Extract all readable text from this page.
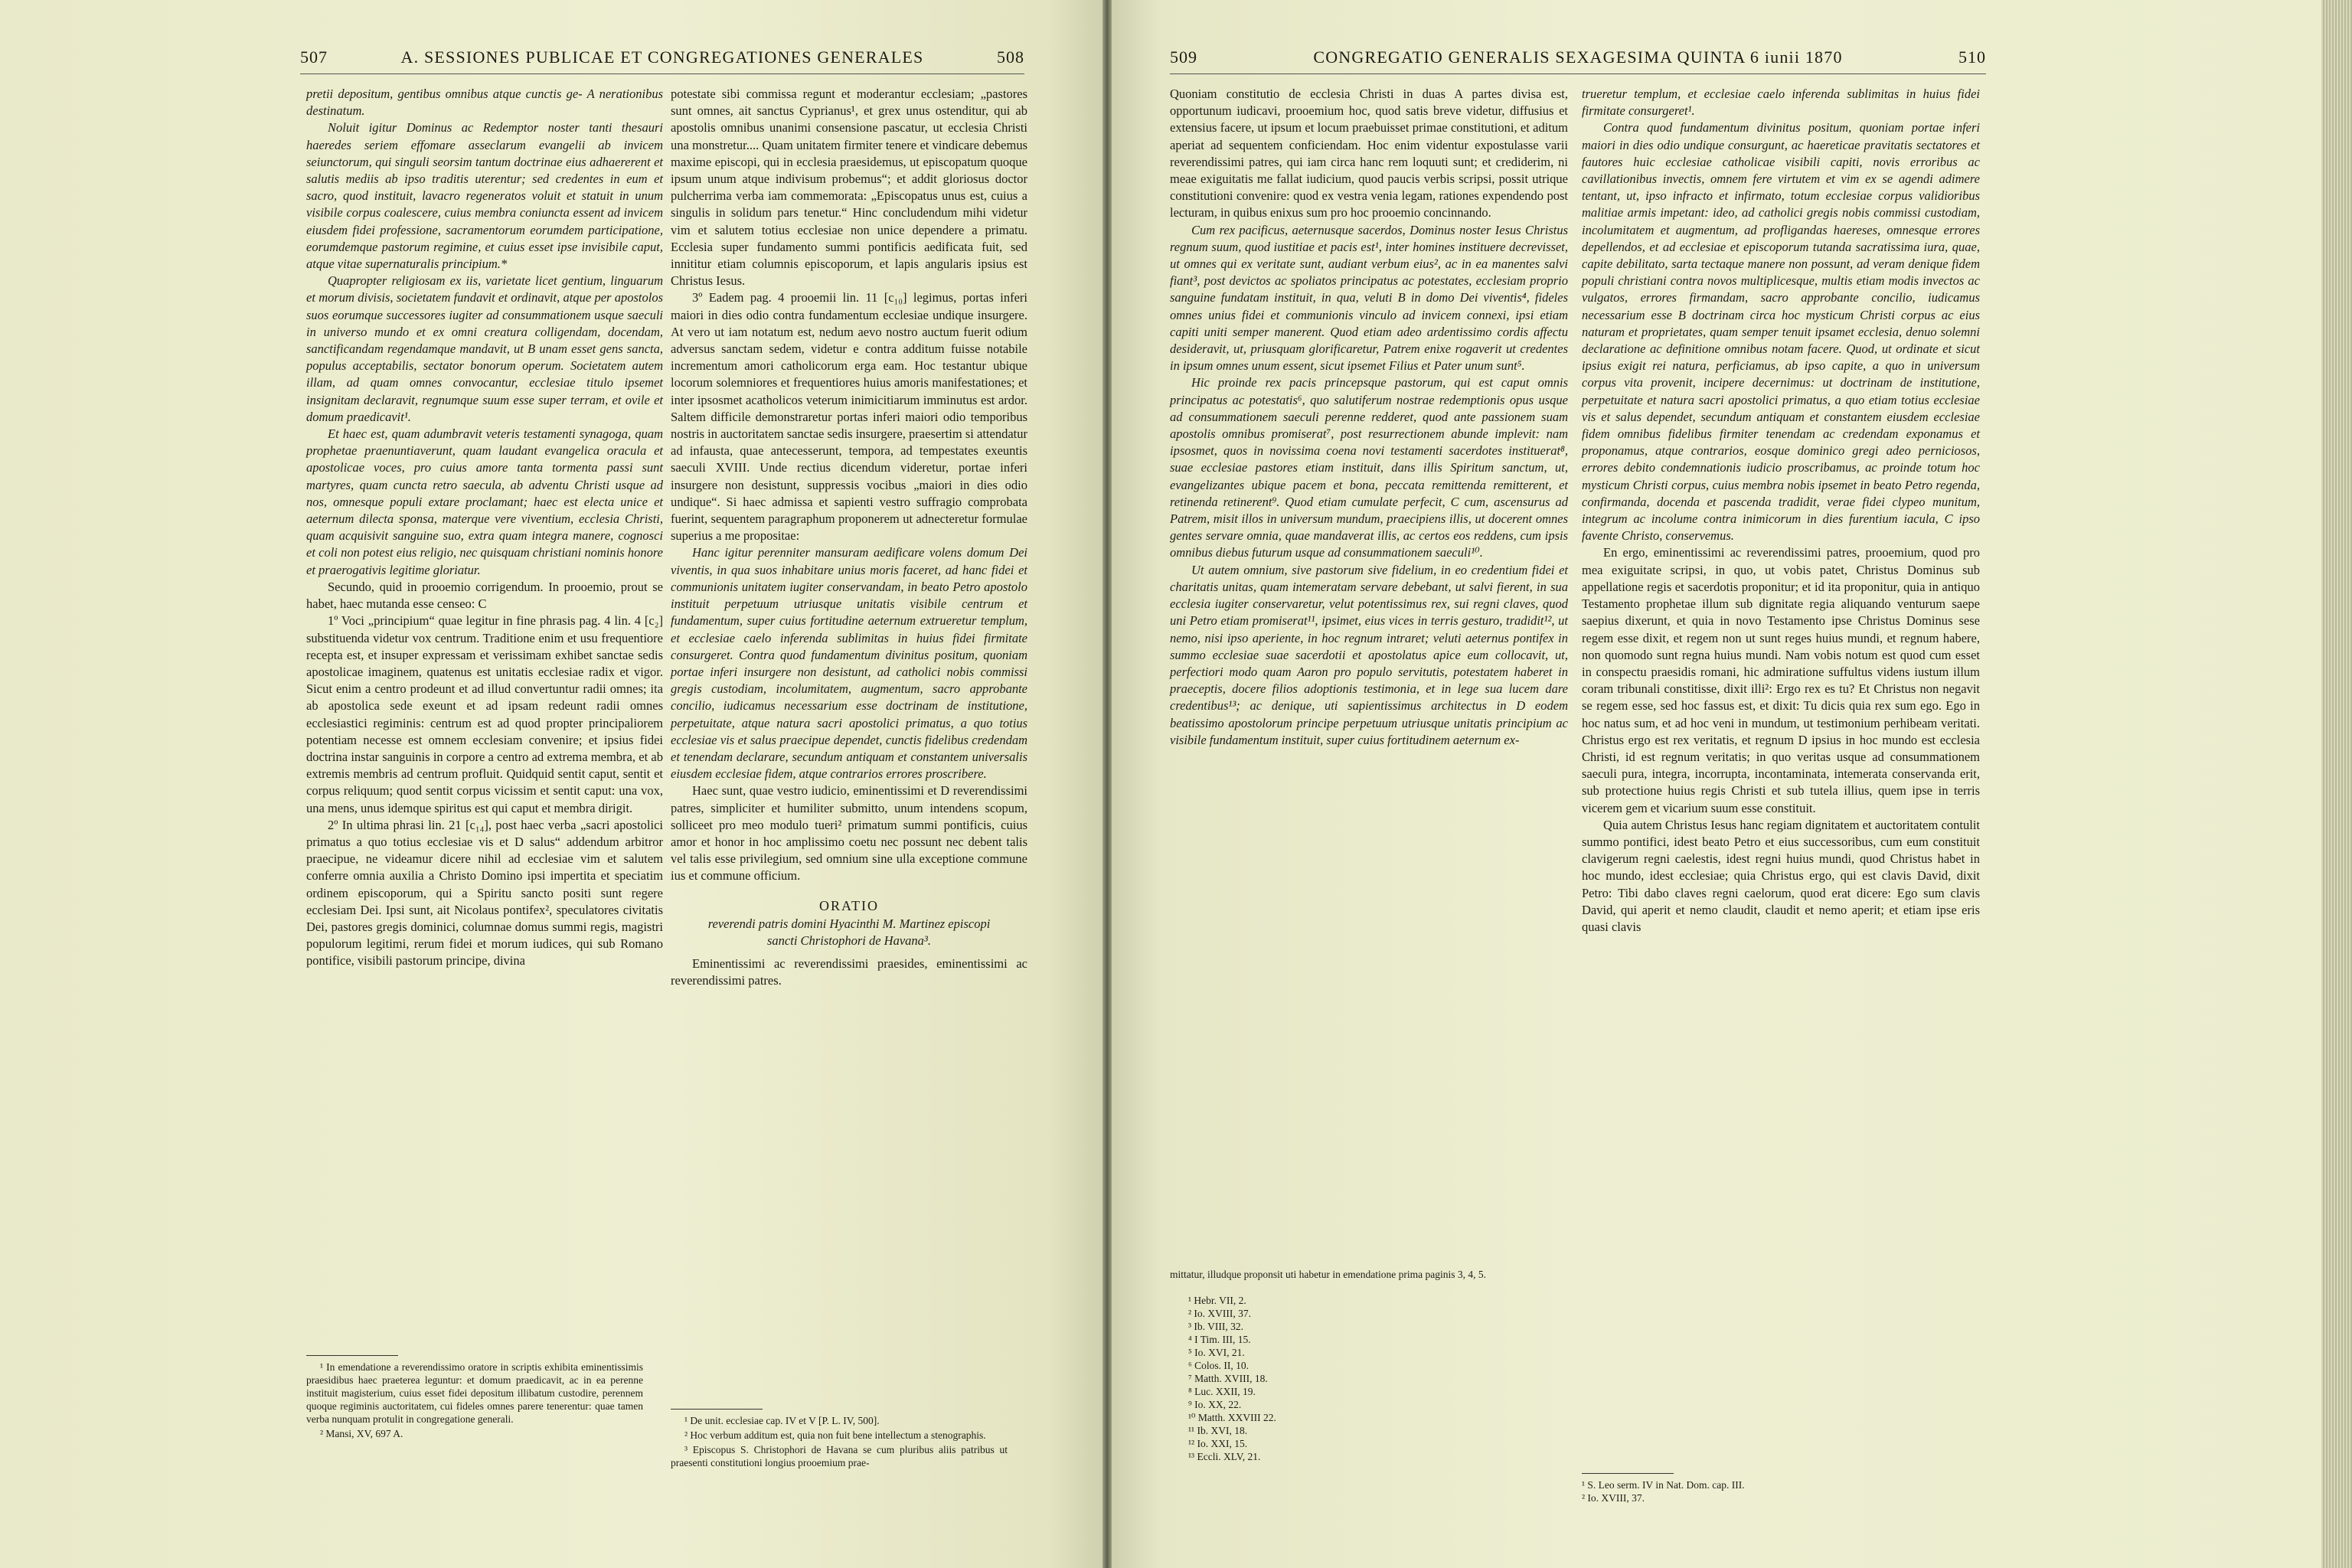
507	A. SESSIONES PUBLICAE ET CONGREGATIONES GENERALES	508

pretii depositum, gentibus omnibus atque cunctis ge- A nerationibus destinatum.

Noluit igitur Dominus ac Redemptor noster tanti thesauri haeredes seriem effomare asseclarum evangelii ab invicem seiunctorum, qui singuli seorsim tantum doctrinae eius adhaererent et salutis mediis ab ipso traditis uterentur; sed credentes in eum et sacro, quod instituit, lavacro regeneratos voluit et statuit in unum visibile corpus coalescere, cuius membra coniuncta essent ad invicem eiusdem fidei professione, sacramentorum eorumdem participatione, eorumdemque pastorum regimine, et cuius esset ipse invisibile caput, atque vitae supernaturalis principium.*

Quapropter religiosam ex iis, varietate licet gentium, linguarum et morum divisis, societatem fundavit et ordinavit, atque per apostolos suos eorumque successores iugiter ad consummationem usque saeculi in universo mundo et ex omni creatura colligendam, docendam, sanctificandam regendamque mandavit, ut B unam esset gens sancta, populus acceptabilis, sectator bonorum operum. Societatem autem illam, ad quam omnes convocantur, ecclesiae titulo ipsemet insignitam declaravit, regnumque suum esse super terram, et ovile et domum praedicavit¹.

Et haec est, quam adumbravit veteris testamenti synagoga, quam prophetae praenuntiaverunt, quam laudant evangelica oracula et apostolicae voces, pro cuius amore tanta tormenta passi sunt martyres, quam cuncta retro saecula, ab adventu Christi usque ad nos, omnesque populi extare proclamant; haec est electa unice et aeternum dilecta sponsa, materque vere viventium, ecclesia Christi, quam acquisivit sanguine suo, extra quam integra manere, cognosci et coli non potest eius religio, nec quisquam christiani nominis honore et praerogativis legitime gloriatur.

Secundo, quid in prooemio corrigendum. In prooemio, prout se habet, haec mutanda esse censeo: C

1º Voci „principium“ quae legitur in fine phrasis pag. 4 lin. 4 [c₂] substituenda videtur vox centrum. Traditione enim et usu frequentiore recepta est, et insuper expressam et verissimam exhibet sanctae sedis apostolicae imaginem, quatenus est unitatis ecclesiae radix et vigor. Sicut enim a centro prodeunt et ad illud convertuntur radii omnes; ita ab apostolica sede exeunt et ad ipsam redeunt radii omnes ecclesiastici regiminis: centrum est ad quod propter principaliorem potentiam necesse est omnem ecclesiam convenire; et ipsius fidei doctrina instar sanguinis in corpore a centro ad extrema membra, et ab extremis membris ad centrum profluit. Quidquid sentit caput, sentit et corpus reliquum; quod sentit corpus vicissim et sentit caput: una vox, una mens, unus idemque spiritus est qui caput et membra dirigit.

2º In ultima phrasi lin. 21 [c₁₄], post haec verba „sacri apostolici primatus a quo totius ecclesiae vis et D salus“ addendum arbitror praecipue, ne videamur dicere nihil ad ecclesiae vim et salutem conferre omnia auxilia a Christo Domino ipsi impertita et speciatim ordinem episcoporum, qui a Spiritu sancto positi sunt regere ecclesiam Dei. Ipsi sunt, ait Nicolaus pontifex², speculatores civitatis Dei, pastores gregis dominici, columnae domus summi regis, magistri populorum legitimi, rerum fidei et morum iudices, qui sub Romano pontifice, visibili pastorum principe, divina

¹ In emendatione a reverendissimo oratore in scriptis exhibita eminentissimis praesidibus haec praeterea leguntur: et domum praedicavit, ac in ea perenne instituit magisterium, cuius esset fidei depositum illibatum custodire, perennem quoque regiminis auctoritatem, cui fideles omnes parere tenerentur: quae tamen verba nunquam protulit in congregatione generali.

² Mansi, XV, 697 A.

potestate sibi commissa regunt et moderantur ecclesiam; „pastores sunt omnes, ait sanctus Cyprianus¹, et grex unus ostenditur, qui ab apostolis omnibus unanimi consensione pascatur, ut ecclesia Christi una monstretur.... Quam unitatem firmiter tenere et vindicare debemus maxime episcopi, qui in ecclesia praesidemus, ut episcopatum quoque ipsum unum atque indivisum probemus“; et addit gloriosus doctor pulcherrima verba iam commemorata: „Episcopatus unus est, cuius a singulis in solidum pars tenetur.“ Hinc concludendum mihi videtur vim et salutem totius ecclesiae non unice dependere a primatu. Ecclesia super fundamento summi pontificis aedificata fuit, sed innititur etiam columnis episcoporum, et lapis angularis ipsius est Christus Iesus.

3º Eadem pag. 4 prooemii lin. 11 [c₁₀] legimus, portas inferi maiori in dies odio contra fundamentum ecclesiae undique insurgere. At vero ut iam notatum est, nedum aevo nostro auctum fuerit odium adversus sanctam sedem, videtur e contra additum fuisse notabile incrementum amori catholicorum erga eam. Hoc testantur ubique locorum solemniores et frequentiores huius amoris manifestationes; et inter ipsosmet acatholicos veterum inimicitiarum imminutus est ardor. Saltem difficile demonstraretur portas inferi maiori odio temporibus nostris in auctoritatem sanctae sedis insurgere, praesertim si attendatur ad infausta, quae antecesserunt, tempora, ad tempestates exeuntis saeculi XVIII. Unde rectius dicendum videretur, portae inferi insurgere non desistunt, suppressis vocibus „maiori in dies odio undique“. Si haec admissa et sapienti vestro suffragio comprobata fuerint, sequentem paragraphum proponerem ut adnecteretur formulae superius a me propositae:

Hanc igitur perenniter mansuram aedificare volens domum Dei viventis, in qua suos inhabitare unius moris faceret, ad hanc fidei et communionis unitatem iugiter conservandam, in beato Petro apostolo instituit perpetuum utriusque unitatis visibile centrum et fundamentum, super cuius fortitudine aeternum extrueretur templum, et ecclesiae caelo inferenda sublimitas in huius fidei firmitate consurgeret. Contra quod fundamentum divinitus positum, quoniam portae inferi insurgere non desistunt, ad catholici nobis commissi gregis custodiam, incolumitatem, augmentum, sacro approbante concilio, iudicamus necessarium esse doctrinam de institutione, perpetuitate, atque natura sacri apostolici primatus, a quo totius ecclesiae vis et salus praecipue dependet, cunctis fidelibus credendam et tenendam declarare, secundum antiquam et constantem universalis eiusdem ecclesiae fidem, atque contrarios errores proscribere.

Haec sunt, quae vestro iudicio, eminentissimi et D reverendissimi patres, simpliciter et humiliter submitto, unum intendens scopum, solliceet pro meo modulo tueri² primatum summi pontificis, cuius amor et honor in hoc amplissimo coetu nec possunt nec debent talis vel talis esse privilegium, sed omnium sine ulla exceptione commune ius et commune officium.

ORATIO
reverendi patris domini Hyacinthi M. Martinez episcopi sancti Christophori de Havana³.

Eminentissimi ac reverendissimi praesides, eminentissimi ac reverendissimi patres.

¹ De unit. ecclesiae cap. IV et V [P. L. IV, 500].

² Hoc verbum additum est, quia non fuit bene intellectum a stenographis.

³ Episcopus S. Christophori de Havana se cum pluribus aliis patribus ut praesenti constitutioni longius prooemium prae-

509	CONGREGATIO GENERALIS SEXAGESIMA QUINTA 6 iunii 1870	510

Quoniam constitutio de ecclesia Christi in duas A partes divisa est, opportunum iudicavi, prooemium hoc, quod satis breve videtur, diffusius et extensius facere, ut ipsum et locum praebuisset primae constitutioni, et aditum aperiat ad sequentem conficiendam. Hoc enim videntur expostulasse varii reverendissimi patres, qui iam circa hanc rem loquuti sunt; et crediderim, ni meae exiguitatis me fallat iudicium, quod paucis verbis scripsi, possit utrique constitutioni convenire: quod ex vestra venia legam, rationes expendendo post lecturam, in quibus enixus sum pro hoc prooemio concinnando.

Cum rex pacificus, aeternusque sacerdos, Dominus noster Iesus Christus regnum suum, quod iustitiae et pacis est¹, inter homines instituere decrevisset, ut omnes qui ex veritate sunt, audiant verbum eius², ac in ea manentes salvi fiant³, post devictos ac spoliatos principatus ac potestates, ecclesiam proprio sanguine fundatam instituit, in qua, veluti B in domo Dei viventis⁴, fideles omnes unius fidei et communionis vinculo ad invicem connexi, ipsi etiam capiti uniti semper manerent. Quod etiam adeo ardentissimo cordis affectu desideravit, ut, priusquam glorificaretur, Patrem enixe rogaverit ut credentes in ipsum omnes unum essent, sicut ipsemet Filius et Pater unum sunt⁵.

Hic proinde rex pacis princepsque pastorum, qui est caput omnis principatus ac potestatis⁶, quo salutiferum nostrae redemptionis opus usque ad consummationem saeculi perenne redderet, quod ante passionem suam apostolis omnibus promiserat⁷, post resurrectionem abunde implevit: nam ipsosmet, quos in novissima coena novi testamenti sacerdotes instituerat⁸, suae ecclesiae pastores etiam instituit, dans illis Spiritum sanctum, ut, evangelizantes ubique pacem et bona, peccata remittenda remitterent, et retinenda retinerent⁹. Quod etiam cumulate perfecit, C cum, ascensurus ad Patrem, misit illos in universum mundum, praecipiens illis, ut docerent omnes gentes servare omnia, quae mandaverat illis, ac certos eos reddens, cum ipsis omnibus diebus futurum usque ad consummationem saeculi¹⁰.

Ut autem omnium, sive pastorum sive fidelium, in eo credentium fidei et charitatis unitas, quam intemeratam servare debebant, ut salvi fierent, in sua ecclesia iugiter conservaretur, velut potentissimus rex, sui regni claves, quod uni Petro etiam promiserat¹¹, ipsimet, eius vices in terris gesturo, tradidit¹², ut nemo, nisi ipso aperiente, in hoc regnum intraret; veluti aeternus pontifex in summo ecclesiae suae sacerdotii et apostolatus apice eum collocavit, ut, perfectiori modo quam Aaron pro populo servitutis, potestatem haberet in praeceptis, docere filios adoptionis testimonia, et in lege sua lucem dare credentibus¹³; ac denique, uti sapientissimus architectus in D eodem beatissimo apostolorum principe perpetuum utriusque unitatis principium ac visibile fundamentum instituit, super cuius fortitudinem aeternum ex-

mittatur, illudque proponsit uti habetur in emendatione prima paginis 3, 4, 5.

¹ Hebr. VII, 2.
² Io. XVIII, 37.
³ Ib. VIII, 32.
⁴ I Tim. III, 15.
⁵ Io. XVI, 21.
⁶ Colos. II, 10.
⁷ Matth. XVIII, 18.
⁸ Luc. XXII, 19.
⁹ Io. XX, 22.
¹⁰ Matth. XXVIII 22.
¹¹ Ib. XVI, 18.
¹² Io. XXI, 15.
¹³ Eccli. XLV, 21.

trueretur templum, et ecclesiae caelo inferenda sublimitas in huius fidei firmitate consurgeret¹.

Contra quod fundamentum divinitus positum, quoniam portae inferi maiori in dies odio undique consurgunt, ac haereticae pravitatis sectatores et fautores huic ecclesiae catholicae visibili capiti, novis erroribus ac cavillationibus invectis, omnem fere virtutem et vim ex se agendi adimere tentant, ut, ipso infracto et infirmato, totum ecclesiae corpus validioribus malitiae armis impetant: ideo, ad catholici gregis nobis commissi custodiam, incolumitatem et augmentum, ad profligandas haereses, omnesque errores depellendos, et ad ecclesiae et episcoporum tutanda sacratissima iura, quae, capite debilitato, sarta tectaque manere non possunt, ad veram denique fidem populi christiani contra novos multiplicesque, multis etiam modis invectos ac vulgatos, errores firmandam, sacro approbante concilio, iudicamus necessarium esse B doctrinam circa hoc mysticum Christi corpus ac eius naturam et proprietates, quam semper tenuit ipsamet ecclesia, denuo solemni declaratione ac definitione omnibus notam facere. Quod, ut ordinate et sicut ipsius exigit rei natura, perficiamus, ab ipso capite, a quo in universum corpus vita provenit, incipere decernimus: ut doctrinam de institutione, perpetuitate et natura sacri apostolici primatus, a quo etiam totius ecclesiae vis et salus dependet, secundum antiquam et constantem eiusdem ecclesiae fidem omnibus fidelibus firmiter tenendam ac credendam exponamus et proponamus, atque contrarios, eosque dominico gregi adeo perniciosos, errores debito condemnationis iudicio proscribamus, ac proinde totum hoc mysticum Christi corpus, cuius membra nobis ipsemet in beato Petro regenda, confirmanda, docenda et pascenda tradidit, verae fidei clypeo munitum, integrum ac incolume contra inimicorum in dies furentium iacula, C ipso favente Christo, conservemus.

En ergo, eminentissimi ac reverendissimi patres, prooemium, quod pro mea exiguitate scripsi, in quo, ut vobis patet, Christus Dominus sub appellatione regis et sacerdotis proponitur; et id ita proponitur, quia in antiquo Testamento prophetae illum sub dignitate regia aliquando venturum saepe saepius dixerunt, et quia in novo Testamento ipse Christus Dominus sese regem esse dixit, et regem non ut sunt reges huius mundi, et regnum habere, non quomodo sunt regna huius mundi. Nam vobis notum est quod cum esset in conspectu praesidis romani, hic admiratione suffultus videns iustum illum coram tribunali constitisse, dixit illi²: Ergo rex es tu? Et Christus non negavit se regem esse, sed hoc fassus est, et dixit: Tu dicis quia rex sum ego. Ego in hoc natus sum, et ad hoc veni in mundum, ut testimonium perhibeam veritati. Christus ergo est rex veritatis, et regnum D ipsius in hoc mundo est ecclesia Christi, id est regnum veritatis; in quo veritas usque ad consummationem saeculi pura, integra, incorrupta, incontaminata, intemerata conservanda erit, sub protectione huius regis Christi et sub tutela illius, quem ipse in terris vicerem gem et vicarium suum esse constituit.

Quia autem Christus Iesus hanc regiam dignitatem et auctoritatem contulit summo pontifici, idest beato Petro et eius successoribus, cum eum constituit clavigerum regni caelestis, idest regni huius mundi, quod Christus habet in hoc mundo, idest ecclesiae; quia Christus ergo, qui est clavis David, dixit Petro: Tibi dabo claves regni caelorum, quod erat dicere: Ego sum clavis David, qui aperit et nemo claudit, claudit et nemo aperit; et etiam ipse eris quasi clavis

¹ S. Leo serm. IV in Nat. Dom. cap. III.
² Io. XVIII, 37.
